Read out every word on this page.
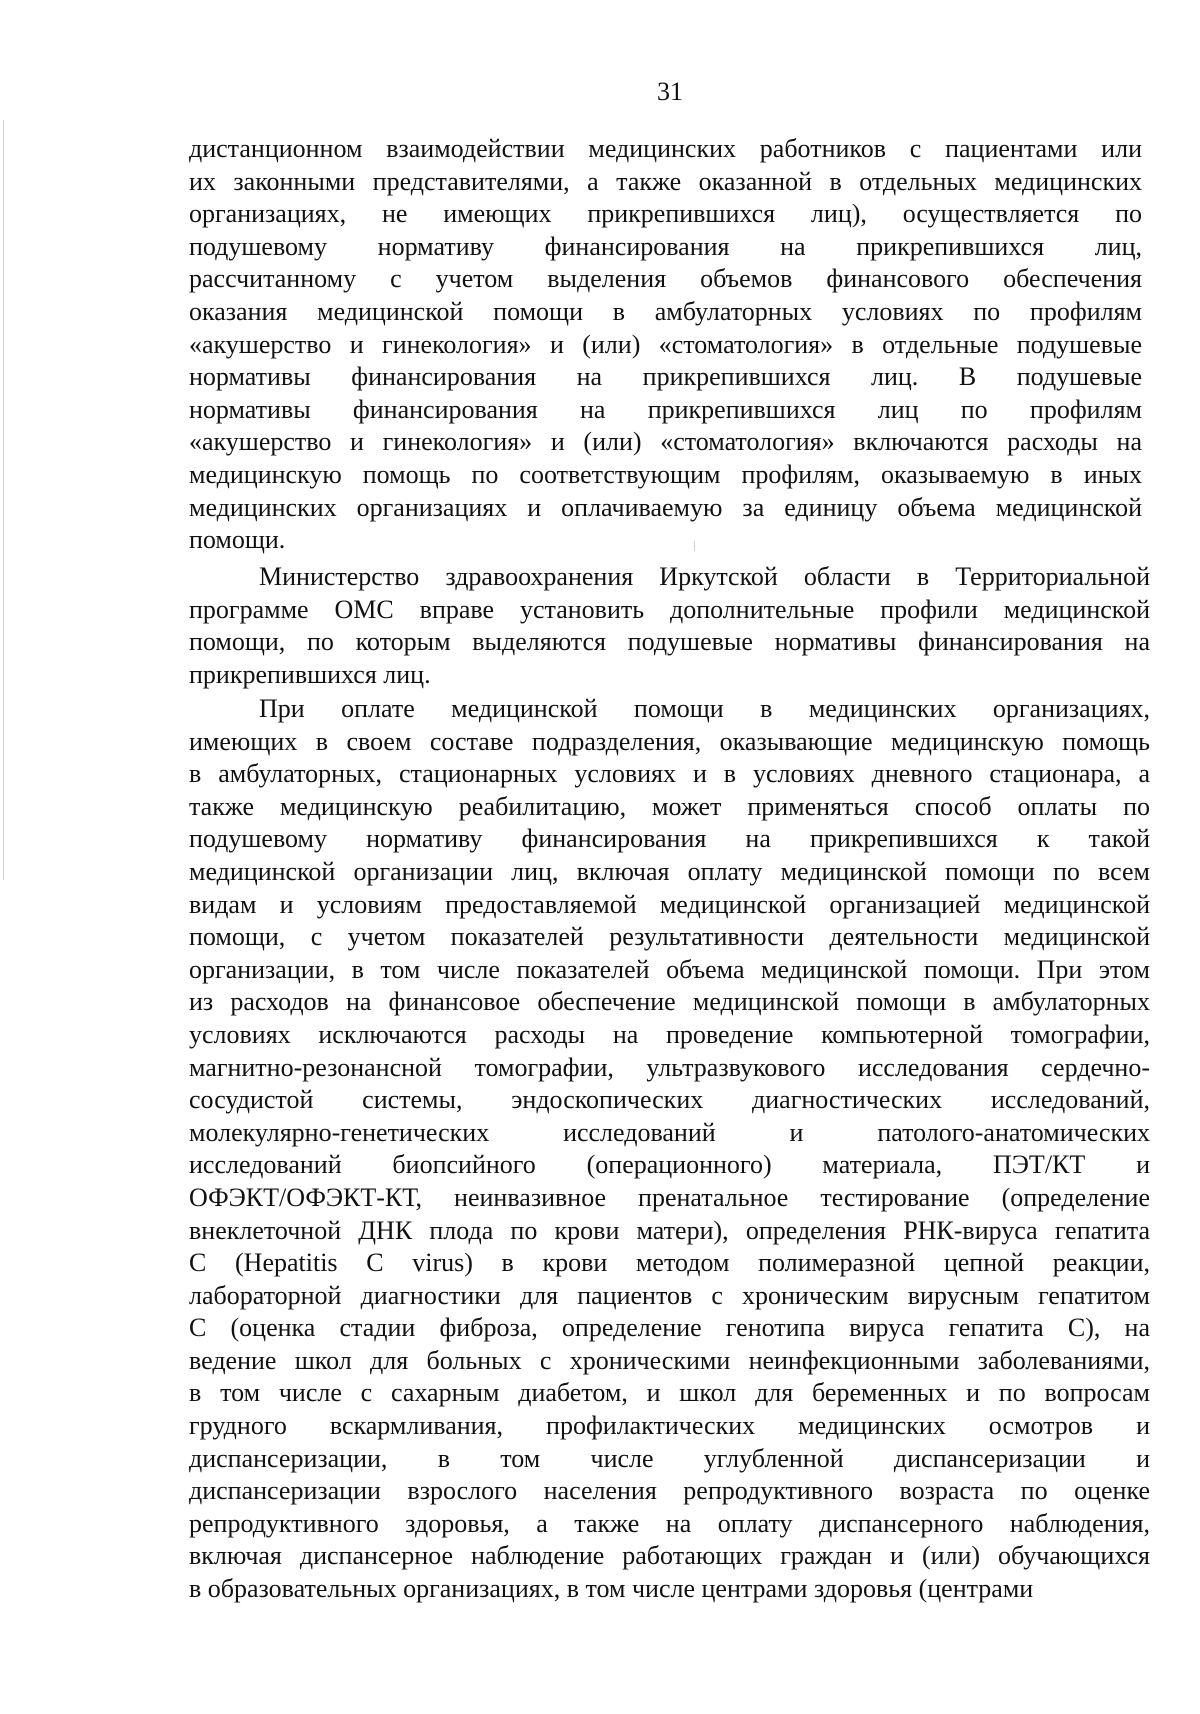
31
дистанционном взаимодействии медицинских работников с пациентами или
их законными представителями, а также оказанной в отдельных медицинских
организациях, не имеющих прикрепившихся лиц), осуществляется по
подушевому нормативу финансирования на прикрепившихся лиц,
рассчитанному с учетом выделения объемов финансового обеспечения
оказания медицинской помощи в амбулаторных условиях по профилям
«акушерство и гинекология» и (или) «стоматология» в отдельные подушевые
нормативы финансирования на прикрепившихся лиц. В подушевые
нормативы финансирования на прикрепившихся лиц по профилям
«акушерство и гинекология» и (или) «стоматология» включаются расходы на
медицинскую помощь по соответствующим профилям, оказываемую в иных
медицинских организациях и оплачиваемую за единицу объема медицинской
помощи.
Министерство здравоохранения Иркутской области в Территориальной
программе ОМС вправе установить дополнительные профили медицинской
помощи, по которым выделяются подушевые нормативы финансирования на
прикрепившихся лиц.
При оплате медицинской помощи в медицинских организациях,
имеющих в своем составе подразделения, оказывающие медицинскую помощь
в амбулаторных, стационарных условиях и в условиях дневного стационара, а
также медицинскую реабилитацию, может применяться способ оплаты по
подушевому нормативу финансирования на прикрепившихся к такой
медицинской организации лиц, включая оплату медицинской помощи по всем
видам и условиям предоставляемой медицинской организацией медицинской
помощи, с учетом показателей результативности деятельности медицинской
организации, в том числе показателей объема медицинской помощи. При этом
из расходов на финансовое обеспечение медицинской помощи в амбулаторных
условиях исключаются расходы на проведение компьютерной томографии,
магнитно-резонансной томографии, ультразвукового исследования сердечно-
сосудистой системы, эндоскопических диагностических исследований,
молекулярно-генетических исследований и патолого-анатомических
исследований биопсийного (операционного) материала, ПЭТ/КТ и
ОФЭКТ/ОФЭКТ-КТ, неинвазивное пренатальное тестирование (определение
внеклеточной ДНК плода по крови матери), определения РНК-вируса гепатита
C (Hepatitis C virus) в крови методом полимеразной цепной реакции,
лабораторной диагностики для пациентов с хроническим вирусным гепатитом
C (оценка стадии фиброза, определение генотипа вируса гепатита C), на
ведение школ для больных с хроническими неинфекционными заболеваниями,
в том числе с сахарным диабетом, и школ для беременных и по вопросам
грудного вскармливания, профилактических медицинских осмотров и
диспансеризации, в том числе углубленной диспансеризации и
диспансеризации взрослого населения репродуктивного возраста по оценке
репродуктивного здоровья, а также на оплату диспансерного наблюдения,
включая диспансерное наблюдение работающих граждан и (или) обучающихся
в образовательных организациях, в том числе центрами здоровья (центрами
